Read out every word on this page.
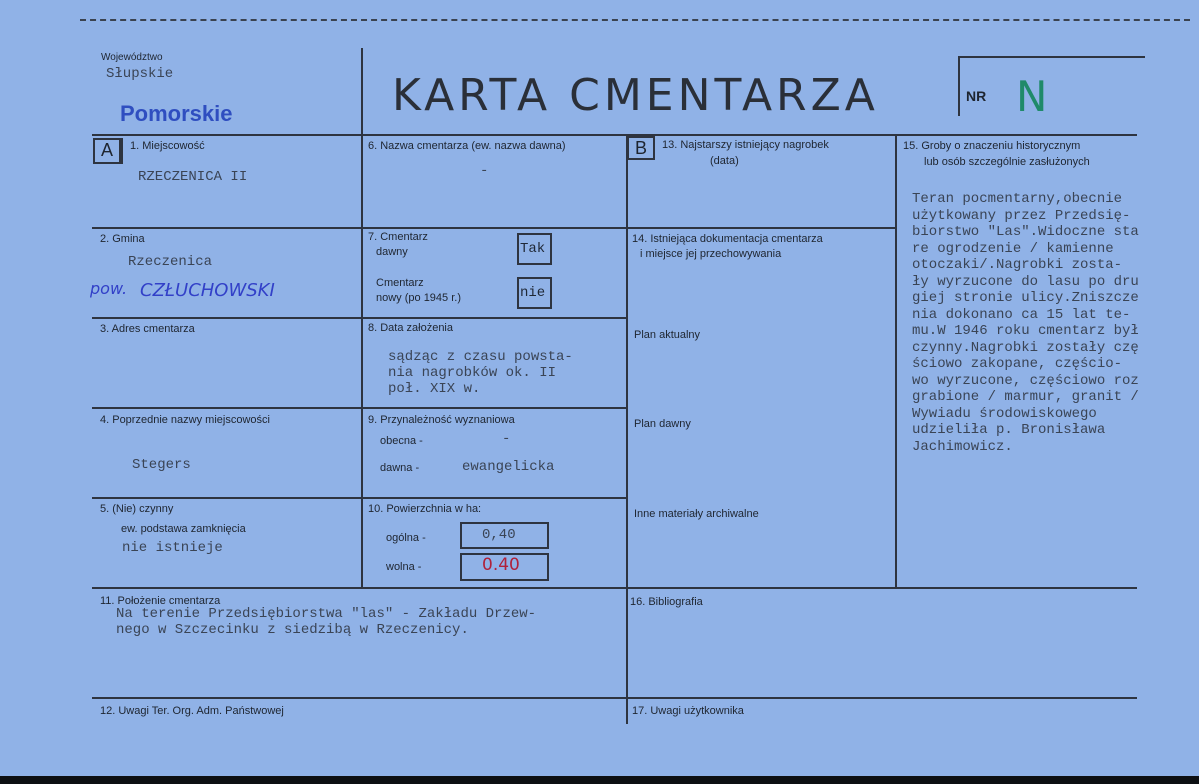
Województwo
Słupskie
Pomorskie	KARTA CMENTARZA	NR N
A	1. Miejscowość
RZECZENICA II
2. Gmina
Rzeczenica
pow. CZŁUCHOWSKI
3. Adres cmentarza
4. Poprzednie nazwy miejscowości
Stegers
5. (Nie) czynny
ew. podstawa zamknięcia
nie istnieje
6. Nazwa cmentarza (ew. nazwa dawna)
-
7. Cmentarz
dawny	Tak
Cmentarz
nowy (po 1945 r.)	nie
8. Data założenia
sądząc z czasu powsta-
nia nagrobków ok. II
poł. XIX w.
9. Przynależność wyznaniowa
obecna -	-
dawna -	ewangelicka
10. Powierzchnia w ha:
ogólna -	0,40
wolna -	0.40
B	13. Najstarszy istniejący nagrobek
(data)
14. Istniejąca dokumentacja cmentarza
i miejsce jej przechowywania
Plan aktualny
Plan dawny
Inne materiały archiwalne
15. Groby o znaczeniu historycznym
lub osób szczególnie zasłużonych
Teran pocmentarny,obecnie
użytkowany przez Przedsię-
biorstwo "Las".Widoczne sta
re ogrodzenie / kamienne
otoczaki/.Nagrobki zosta-
ły wyrzucone do lasu po dru
giej stronie ulicy.Zniszcze
nia dokonano ca 15 lat te-
mu.W 1946 roku cmentarz był
czynny.Nagrobki zostały czę
ściowo zakopane, częścio-
wo wyrzucone, częściowo roz
grabione / marmur, granit /
Wywiadu środowiskowego
udzieliła p. Bronisława
Jachimowicz.
11. Położenie cmentarza
Na terenie Przedsiębiorstwa "las" - Zakładu Drzew-
nego w Szczecinku z siedzibą w Rzeczenicy.
16. Bibliografia
12. Uwagi Ter. Org. Adm. Państwowej	17. Uwagi użytkownika
